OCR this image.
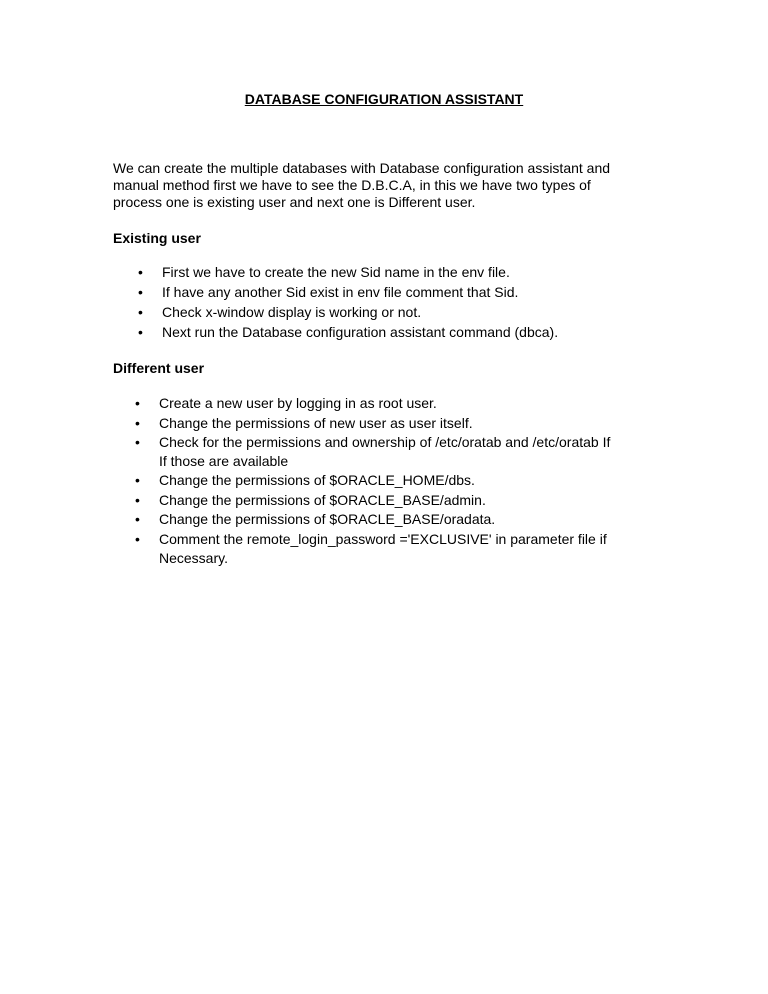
DATABASE CONFIGURATION ASSISTANT

We can create the multiple databases with Database configuration assistant and
manual method first we have to see the D.B.C.A, in this we have two types of
process one is existing user and next one is Different user.

Existing user
• First we have to create the new Sid name in the env file.
• If have any another Sid exist in env file comment that Sid.
• Check x-window display is working or not.
• Next run the Database configuration assistant command (dbca).
Different user
• Create a new user by logging in as root user.
• Change the permissions of new user as user itself.
• Check for the permissions and ownership of /etc/oratab and /etc/oratab If
If those are available
• Change the permissions of $ORACLE_HOME/dbs.
• Change the permissions of $ORACLE_BASE/admin.
• Change the permissions of $ORACLE_BASE/oradata.
• Comment the remote_login_password ='EXCLUSIVE' in parameter file if
Necessary.
